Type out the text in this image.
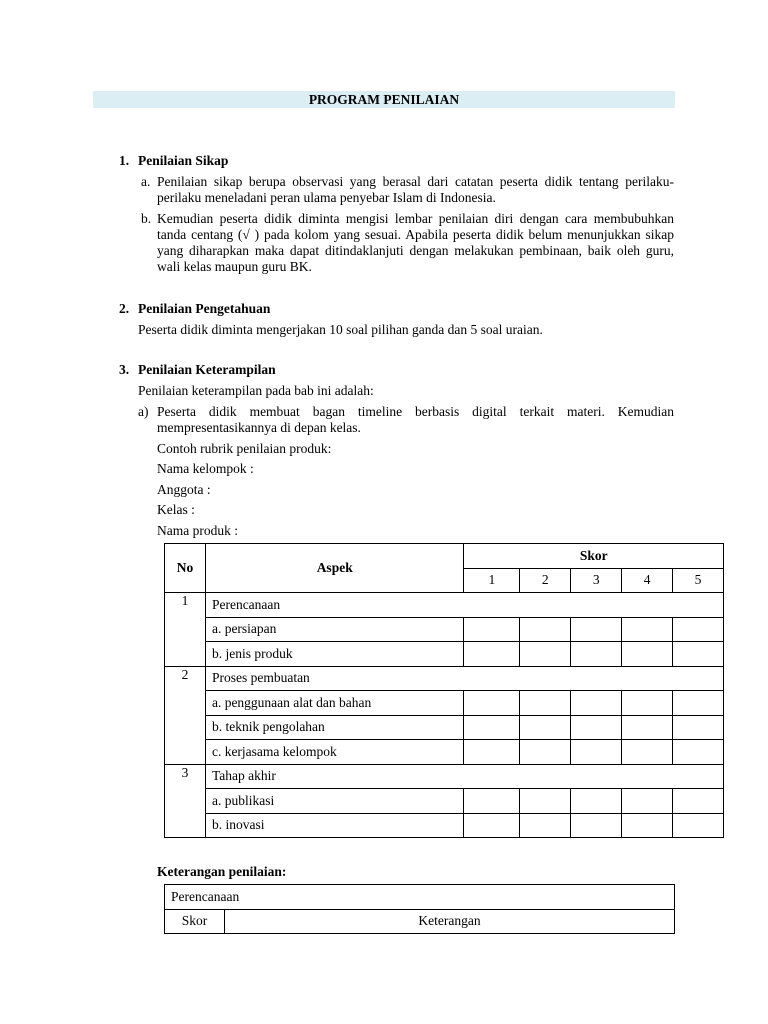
PROGRAM PENILAIAN
1. Penilaian Sikap
a. Penilaian sikap berupa observasi yang berasal dari catatan peserta didik tentang perilaku-perilaku meneladani peran ulama penyebar Islam di Indonesia.
b. Kemudian peserta didik diminta mengisi lembar penilaian diri dengan cara membubuhkan tanda centang (√ ) pada kolom yang sesuai. Apabila peserta didik belum menunjukkan sikap yang diharapkan maka dapat ditindaklanjuti dengan melakukan pembinaan, baik oleh guru, wali kelas maupun guru BK.
2. Penilaian Pengetahuan
Peserta didik diminta mengerjakan 10 soal pilihan ganda dan 5 soal uraian.
3. Penilaian Keterampilan
Penilaian keterampilan pada bab ini adalah:
a) Peserta didik membuat bagan timeline berbasis digital terkait materi. Kemudian mempresentasikannya di depan kelas.
Contoh rubrik penilaian produk:
Nama kelompok :
Anggota :
Kelas :
Nama produk :
No	Aspek	Skor				
		1	2	3	4	5
1	Perencanaan					
	a. persiapan					
	b. jenis produk					
2	Proses pembuatan					
	a. penggunaan alat dan bahan					
	b. teknik pengolahan					
	c. kerjasama kelompok					
3	Tahap akhir					
	a. publikasi					
	b. inovasi					
Keterangan penilaian:
Perencanaan
Skor	Keterangan
